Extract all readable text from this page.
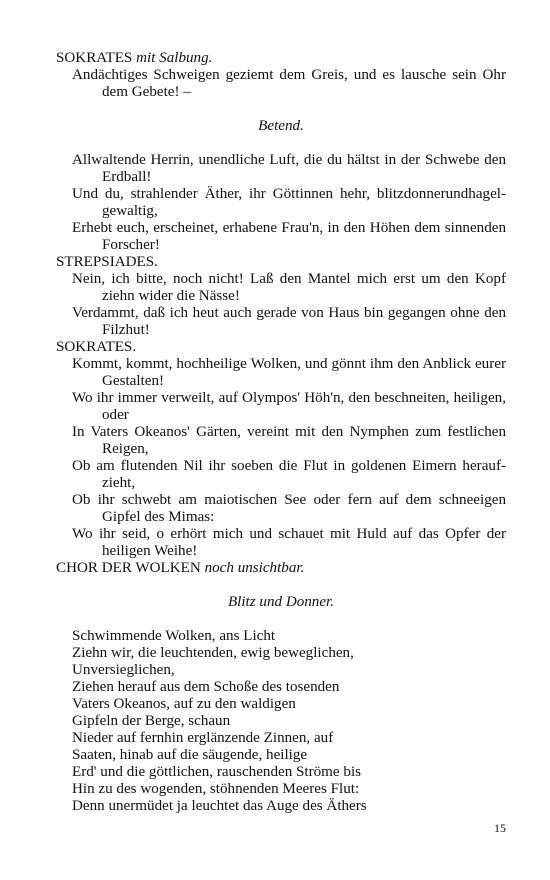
SOKRATES mit Salbung.
Andächtiges Schweigen geziemt dem Greis, und es lausche sein Ohr dem Gebete! –
Betend.
Allwaltende Herrin, unendliche Luft, die du hältst in der Schwebe den Erdball!
Und du, strahlender Äther, ihr Göttinnen hehr, blitzdonnerundhagelgewaltig,
Erhebt euch, erscheinet, erhabene Frau'n, in den Höhen dem sinnenden Forscher!
STREPSIADES.
Nein, ich bitte, noch nicht! Laß den Mantel mich erst um den Kopf ziehn wider die Nässe!
Verdammt, daß ich heut auch gerade von Haus bin gegangen ohne den Filzhut!
SOKRATES.
Kommt, kommt, hochheilige Wolken, und gönnt ihm den Anblick eurer Gestalten!
Wo ihr immer verweilt, auf Olympos' Höh'n, den beschneiten, heiligen, oder
In Vaters Okeanos' Gärten, vereint mit den Nymphen zum festlichen Reigen,
Ob am flutenden Nil ihr soeben die Flut in goldenen Eimern heraufzieht,
Ob ihr schwebt am maiotischen See oder fern auf dem schneeigen Gipfel des Mimas:
Wo ihr seid, o erhört mich und schauet mit Huld auf das Opfer der heiligen Weihe!
CHOR DER WOLKEN noch unsichtbar.
Blitz und Donner.
Schwimmende Wolken, ans Licht
Ziehn wir, die leuchtenden, ewig beweglichen,
Unversieglichen,
Ziehen herauf aus dem Schoße des tosenden
Vaters Okeanos, auf zu den waldigen
Gipfeln der Berge, schaun
Nieder auf fernhin erglänzende Zinnen, auf
Saaten, hinab auf die säugende, heilige
Erd' und die göttlichen, rauschenden Ströme bis
Hin zu des wogenden, stöhnenden Meeres Flut:
Denn unermüdet ja leuchtet das Auge des Äthers
15
